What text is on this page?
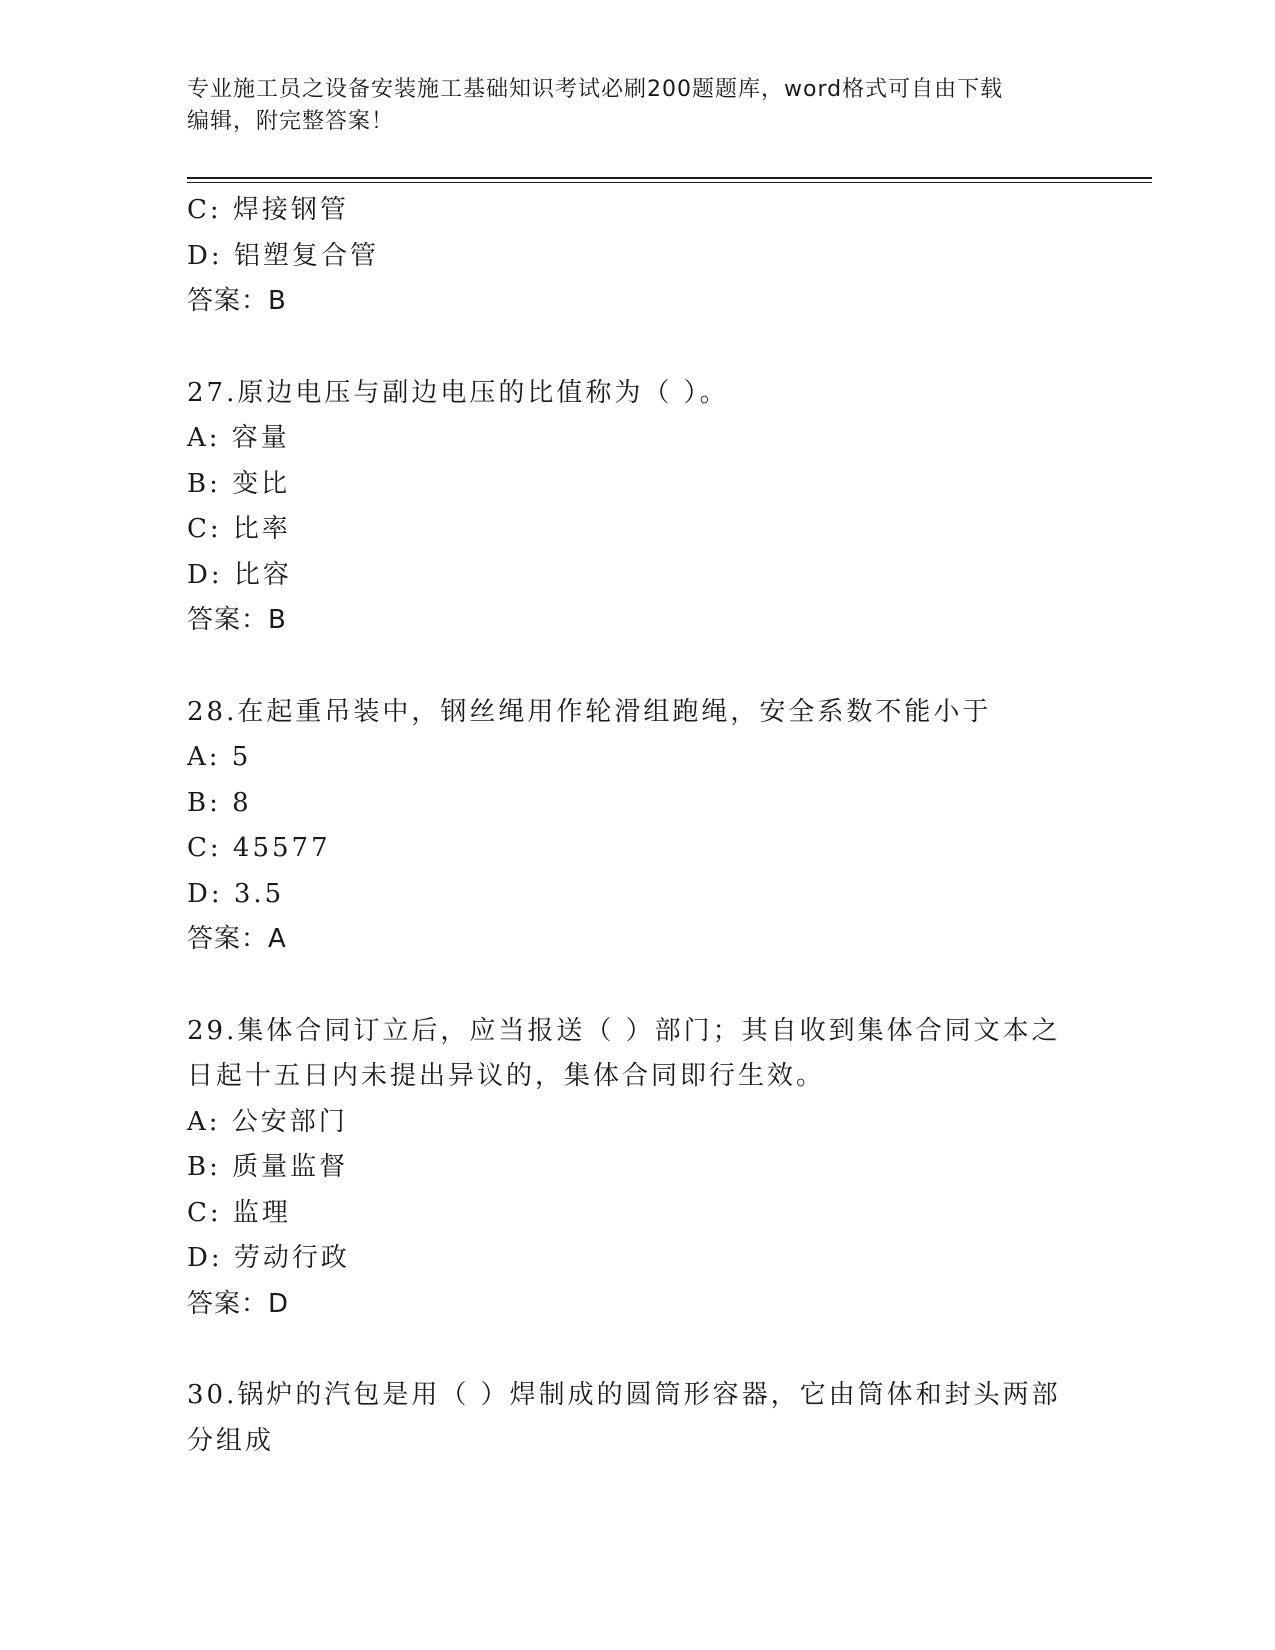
专业施工员之设备安装施工基础知识考试必刷200题题库，word格式可自由下载
编辑，附完整答案！
C: 焊接钢管
D: 铝塑复合管
答案：B
27.原边电压与副边电压的比值称为（ ）。
A: 容量
B: 变比
C: 比率
D: 比容
答案：B
28.在起重吊装中，钢丝绳用作轮滑组跑绳，安全系数不能小于
A: 5
B: 8
C: 45577
D: 3.5
答案：A
29.集体合同订立后，应当报送（ ）部门；其自收到集体合同文本之
日起十五日内未提出异议的，集体合同即行生效。
A: 公安部门
B: 质量监督
C: 监理
D: 劳动行政
答案：D
30.锅炉的汽包是用（ ）焊制成的圆筒形容器，它由筒体和封头两部
分组成
